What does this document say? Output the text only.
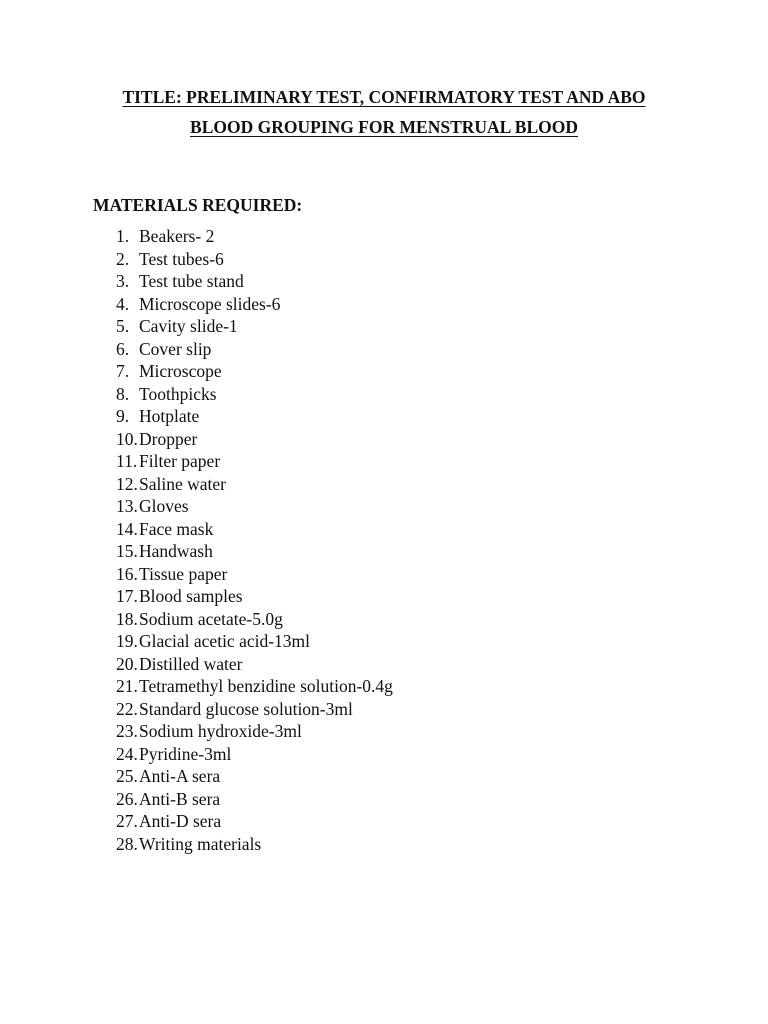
TITLE: PRELIMINARY TEST, CONFIRMATORY TEST AND ABO

BLOOD GROUPING FOR MENSTRUAL BLOOD

MATERIALS REQUIRED:

1. Beakers- 2
2. Test tubes-6
3. Test tube stand
4. Microscope slides-6
5. Cavity slide-1
6. Cover slip
7. Microscope
8. Toothpicks
9. Hotplate
10. Dropper
11. Filter paper
12. Saline water
13. Gloves
14. Face mask
15. Handwash
16. Tissue paper
17. Blood samples
18. Sodium acetate-5.0g
19. Glacial acetic acid-13ml
20. Distilled water
21. Tetramethyl benzidine solution-0.4g
22. Standard glucose solution-3ml
23. Sodium hydroxide-3ml
24. Pyridine-3ml
25. Anti-A sera
26. Anti-B sera
27. Anti-D sera
28. Writing materials
